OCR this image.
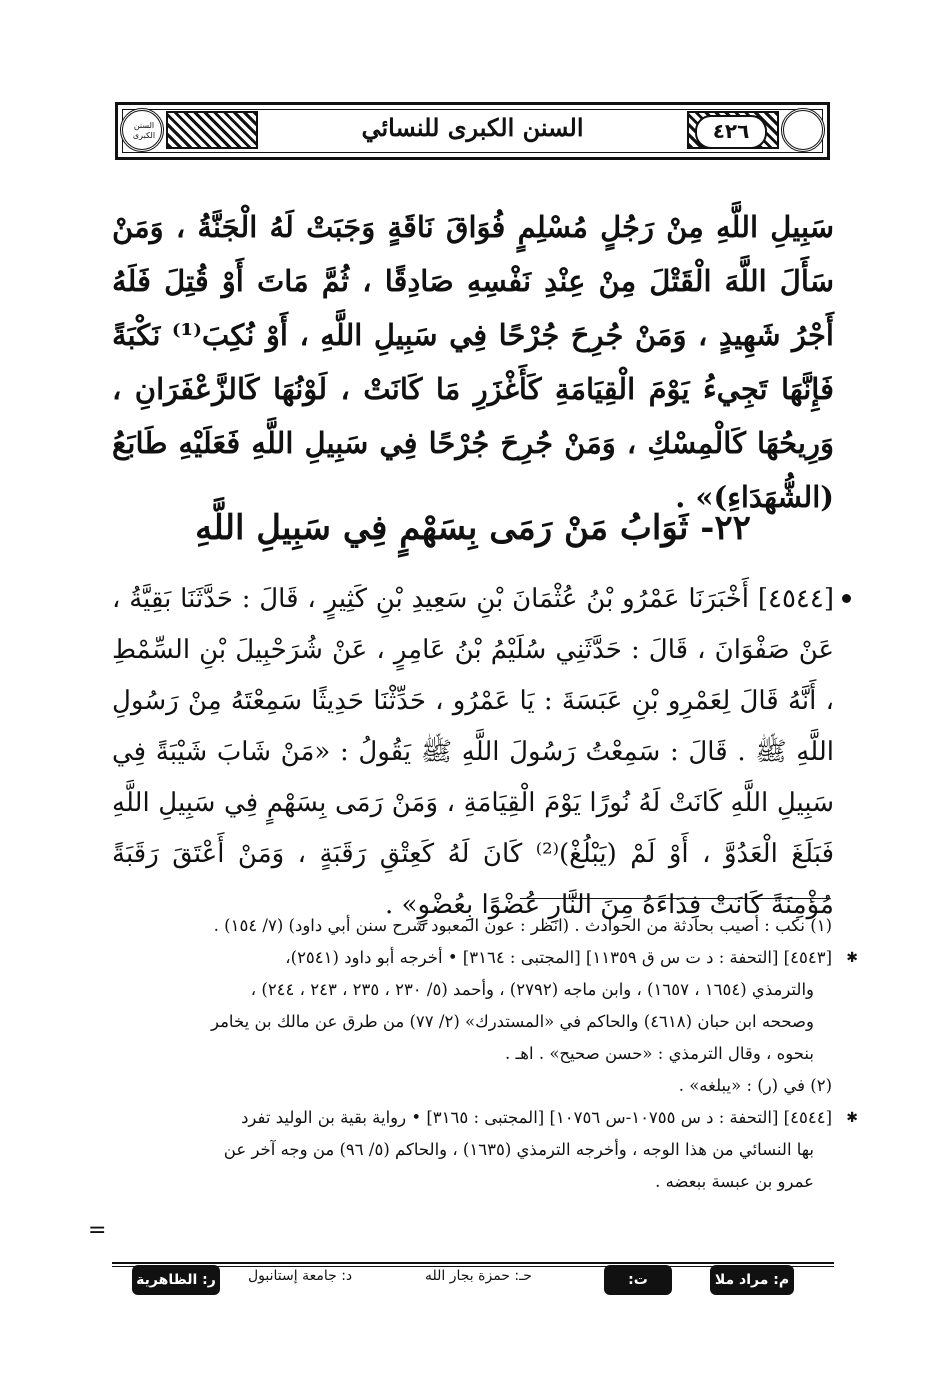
السنن الكبرى	٤٢٦
السنن الكبرى للنسائي
سَبِيلِ اللَّهِ مِنْ رَجُلٍ مُسْلِمٍ فُوَاقَ نَاقَةٍ وَجَبَتْ لَهُ الْجَنَّةُ ، وَمَنْ سَأَلَ اللَّهَ الْقَتْلَ مِنْ عِنْدِ نَفْسِهِ صَادِقًا ، ثُمَّ مَاتَ أَوْ قُتِلَ فَلَهُ أَجْرُ شَهِيدٍ ، وَمَنْ جُرِحَ جُرْحًا فِي سَبِيلِ اللَّهِ ، أَوْ نُكِبَ⁽¹⁾ نَكْبَةً فَإِنَّهَا تَجِيءُ يَوْمَ الْقِيَامَةِ كَأَغْزَرِ مَا كَانَتْ ، لَوْنُهَا كَالزَّعْفَرَانِ ، وَرِيحُهَا كَالْمِسْكِ ، وَمَنْ جُرِحَ جُرْحًا فِي سَبِيلِ اللَّهِ فَعَلَيْهِ طَابَعُ (الشُّهَدَاءِ)» .
٢٢- ثَوَابُ مَنْ رَمَى بِسَهْمٍ فِي سَبِيلِ اللَّهِ
[٤٥٤٤] أَخْبَرَنَا عَمْرُو بْنُ عُثْمَانَ بْنِ سَعِيدِ بْنِ كَثِيرٍ ، قَالَ : حَدَّثَنَا بَقِيَّةُ ، عَنْ صَفْوَانَ ، قَالَ : حَدَّثَنِي سُلَيْمُ بْنُ عَامِرٍ ، عَنْ شُرَحْبِيلَ بْنِ السِّمْطِ ، أَنَّهُ قَالَ لِعَمْرِو بْنِ عَبَسَةَ : يَا عَمْرُو ، حَدِّثْنَا حَدِيثًا سَمِعْتَهُ مِنْ رَسُولِ اللَّهِ ﷺ . قَالَ : سَمِعْتُ رَسُولَ اللَّهِ ﷺ يَقُولُ : «مَنْ شَابَ شَيْبَةً فِي سَبِيلِ اللَّهِ كَانَتْ لَهُ نُورًا يَوْمَ الْقِيَامَةِ ، وَمَنْ رَمَى بِسَهْمٍ فِي سَبِيلِ اللَّهِ فَبَلَغَ الْعَدُوَّ ، أَوْ لَمْ (يَبْلُغْ)⁽²⁾ كَانَ لَهُ كَعِتْقِ رَقَبَةٍ ، وَمَنْ أَعْتَقَ رَقَبَةً مُؤْمِنَةً كَانَتْ فِدَاءَهُ مِنَ النَّارِ عُضْوًا بِعُضْوٍ» .

(١) نكب : أصيب بحادثة من الحوادث . (انظر : عون المعبود شرح سنن أبي داود) (٧/ ١٥٤) .

[٤٥٤٣] [التحفة : د ت س ق ١١٣٥٩] [المجتبى : ٣١٦٤] • أخرجه أبو داود (٢٥٤١)، ✱

والترمذي (١٦٥٤ ، ١٦٥٧) ، وابن ماجه (٢٧٩٢) ، وأحمد (٥/ ٢٣٠ ، ٢٣٥ ، ٢٤٣ ، ٢٤٤) ،

وصححه ابن حبان (٤٦١٨) والحاكم في «المستدرك» (٢/ ٧٧) من طرق عن مالك بن يخامر

بنحوه ، وقال الترمذي : «حسن صحيح» . اهـ .

(٢) في (ر) : «يبلغه» .

[٤٥٤٤] [التحفة : د س ١٠٧٥٥-س ١٠٧٥٦] [المجتبى : ٣١٦٥] • رواية بقية بن الوليد تفرد ✱

بها النسائي من هذا الوجه ، وأخرجه الترمذي (١٦٣٥) ، والحاكم (٥/ ٩٦) من وجه آخر عن

عمرو بن عبسة ببعضه .

=
م: مراد ملا
ت: تطوان
حـ: حمزة بجار الله
د: جامعة إستانبول
ر: الظاهرية
